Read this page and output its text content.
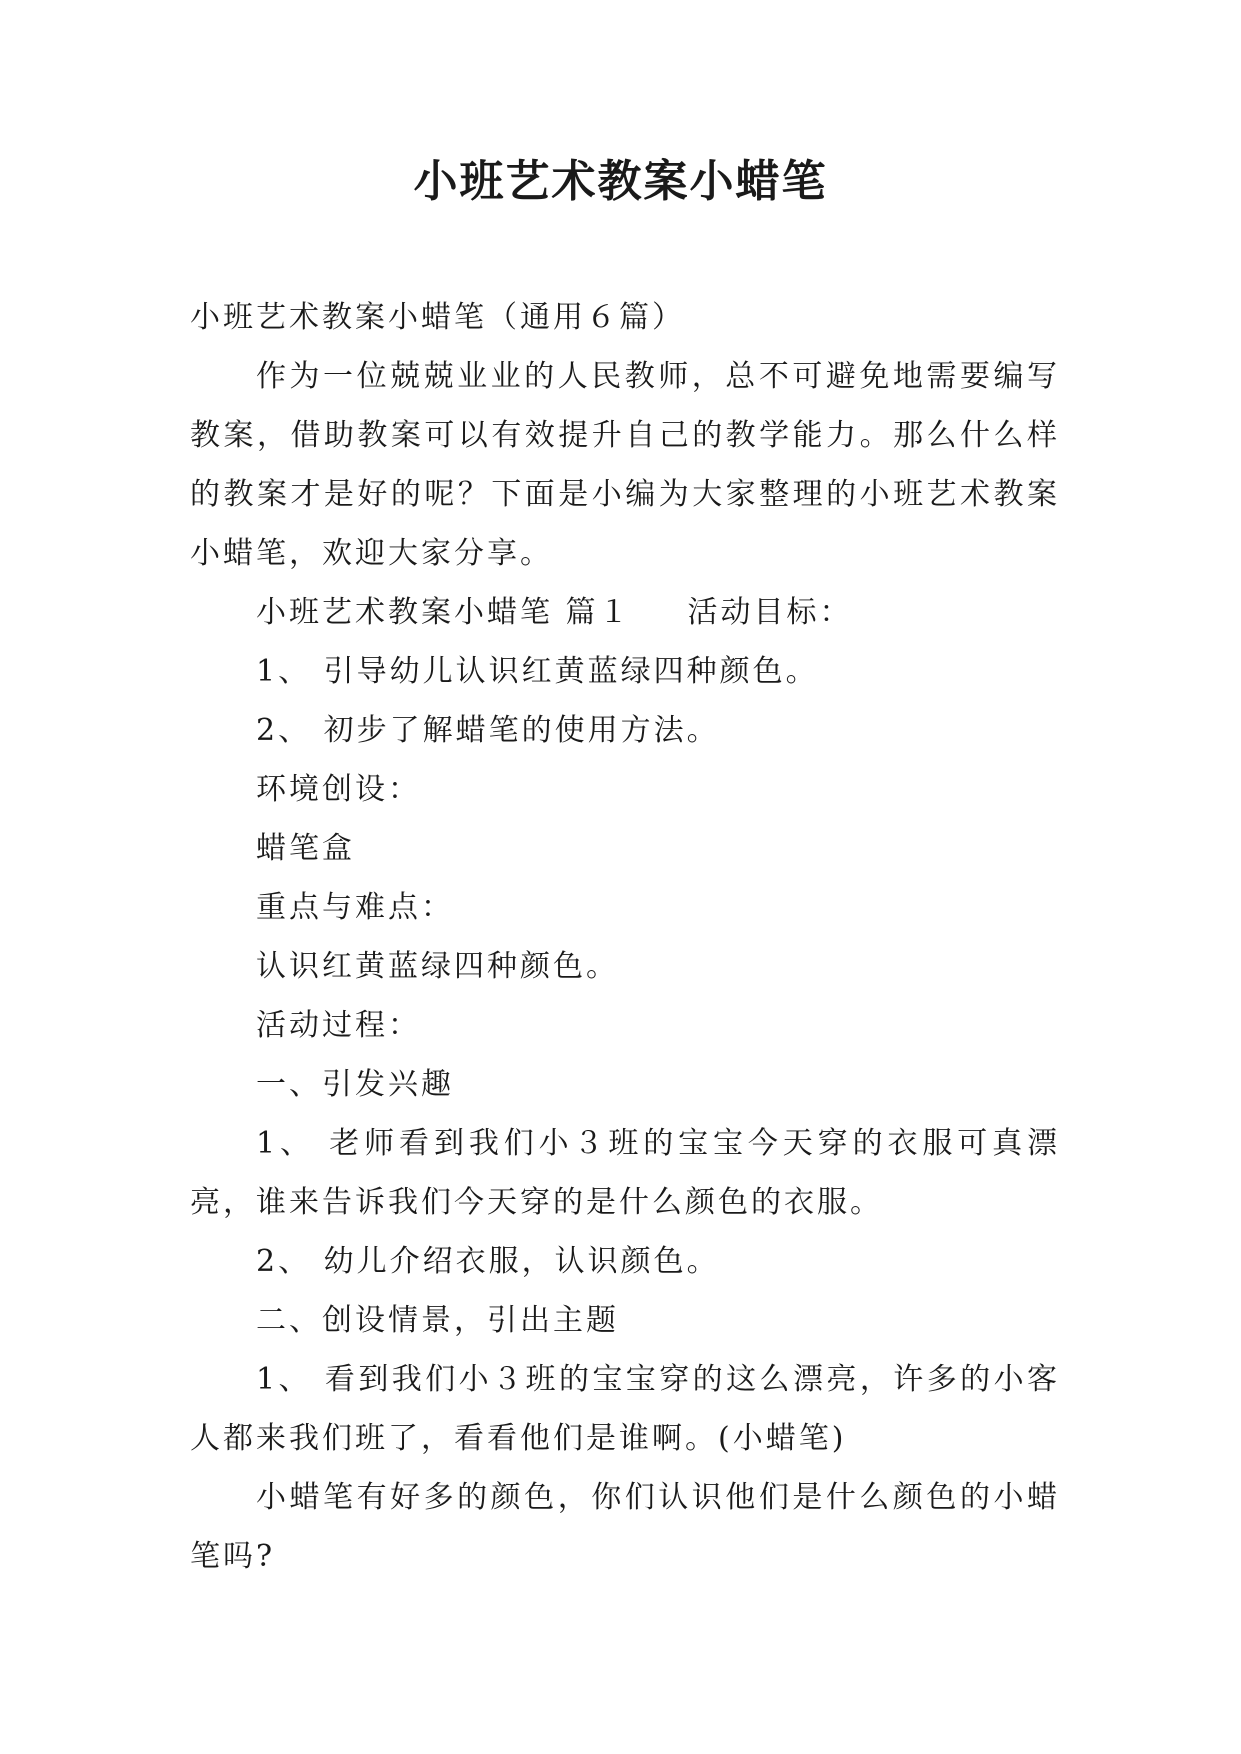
小班艺术教案小蜡笔

小班艺术教案小蜡笔（通用６篇）

作为一位兢兢业业的人民教师，总不可避免地需要编写教案，借助教案可以有效提升自己的教学能力。那么什么样的教案才是好的呢？下面是小编为大家整理的小班艺术教案小蜡笔，欢迎大家分享。

小班艺术教案小蜡笔 篇１ 活动目标：

1、 引导幼儿认识红黄蓝绿四种颜色。

2、 初步了解蜡笔的使用方法。

环境创设：

蜡笔盒

重点与难点：

认识红黄蓝绿四种颜色。

活动过程：

一、引发兴趣

1、 老师看到我们小３班的宝宝今天穿的衣服可真漂亮，谁来告诉我们今天穿的是什么颜色的衣服。

2、 幼儿介绍衣服，认识颜色。

二、创设情景，引出主题

1、 看到我们小３班的宝宝穿的这么漂亮，许多的小客人都来我们班了，看看他们是谁啊。(小蜡笔)

小蜡笔有好多的颜色，你们认识他们是什么颜色的小蜡笔吗?
